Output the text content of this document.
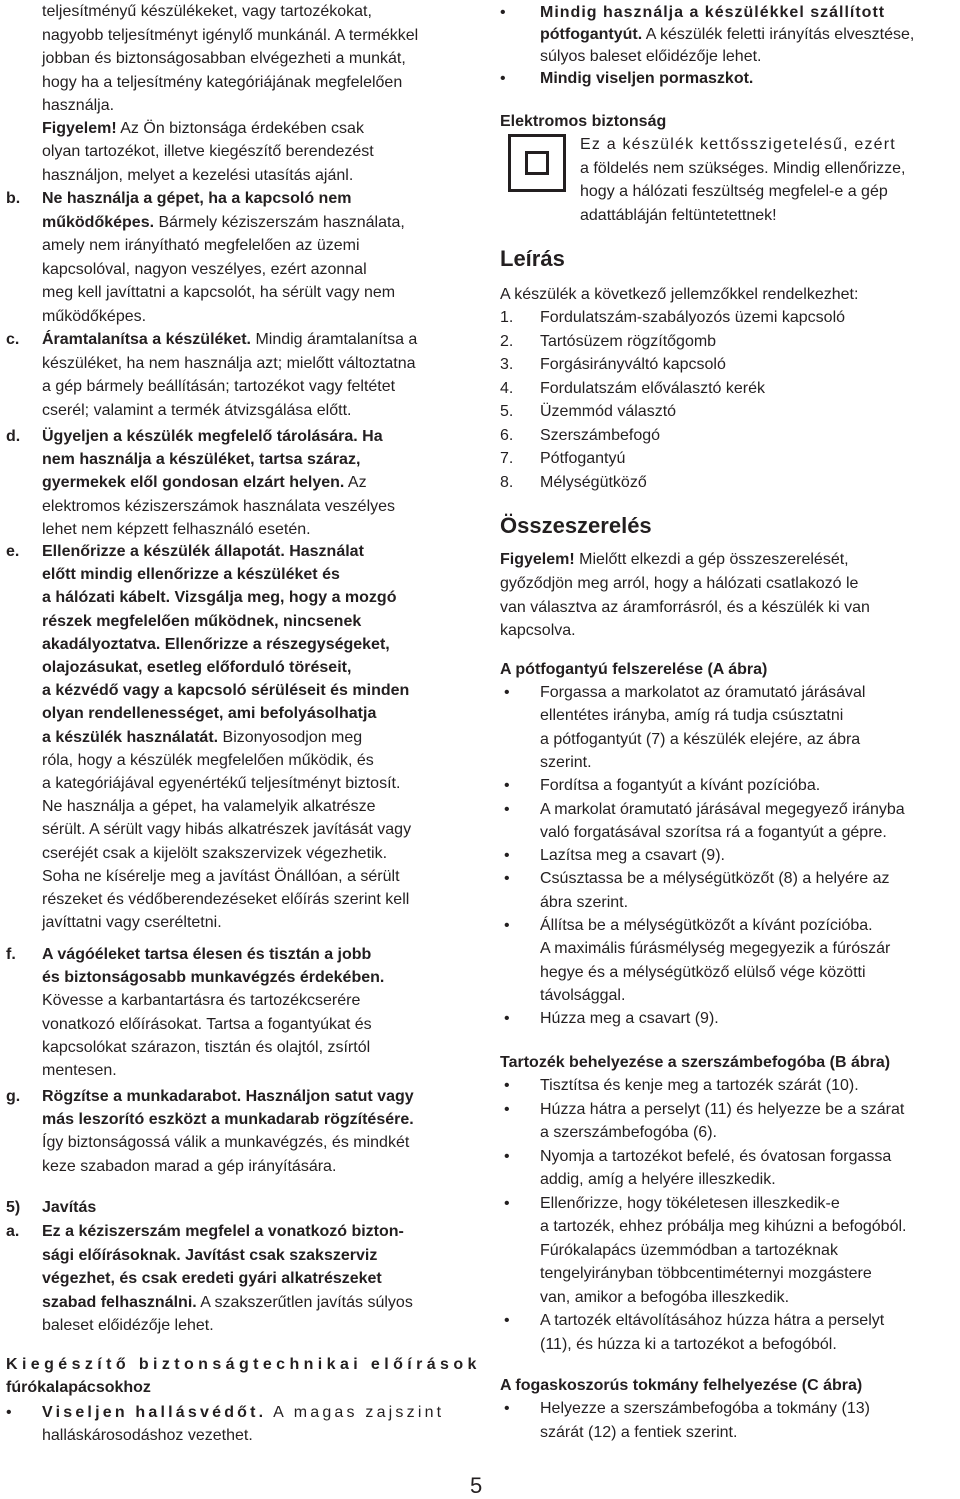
teljesítményű készülékeket, vagy tartozékokat,
nagyobb teljesítményt igénylő munkánál. A termékkel
jobban és biztonságosabban elvégezheti a munkát,
hogy ha a teljesítmény kategóriájának megfelelően
használja.
Figyelem! Az Ön biztonsága érdekében csak
olyan tartozékot, illetve kiegészítő berendezést
használjon, melyet a kezelési utasítás ajánl.
b. Ne használja a gépet, ha a kapcsoló nem
működőképes. Bármely kéziszerszám használata,
amely nem irányítható megfelelően az üzemi
kapcsolóval, nagyon veszélyes, ezért azonnal
meg kell javíttatni a kapcsolót, ha sérült vagy nem
működőképes.
c. Áramtalanítsa a készüléket. Mindig áramtalanítsa a
készüléket, ha nem használja azt; mielőtt változtatna
a gép bármely beállításán; tartozékot vagy feltétet
cserél; valamint a termék átvizsgálása előtt.
d. Ügyeljen a készülék megfelelő tárolására. Ha
nem használja a készüléket, tartsa száraz,
gyermekek elől gondosan elzárt helyen. Az
elektromos kéziszerszámok használata veszélyes
lehet nem képzett felhasználó esetén.
e. Ellenőrizze a készülék állapotát. Használat
előtt mindig ellenőrizze a készüléket és
a hálózati kábelt. Vizsgálja meg, hogy a mozgó
részek megfelelően működnek, nincsenek
akadályoztatva. Ellenőrizze a részegységeket,
olajozásukat, esetleg előforduló töréseit,
a kézvédő vagy a kapcsoló sérüléseit és minden
olyan rendellenességet, ami befolyásolhatja
a készülék használatát. Bizonyosodjon meg
róla, hogy a készülék megfelelően működik, és
a kategóriájával egyenértékű teljesítményt biztosít.
Ne használja a gépet, ha valamelyik alkatrésze
sérült. A sérült vagy hibás alkatrészek javítását vagy
cseréjét csak a kijelölt szakszervizek végezhetik.
Soha ne kísérelje meg a javítást Önállóan, a sérült
részeket és védőberendezéseket előírás szerint kell
javíttatni vagy cseréltetni.
f. A vágóéleket tartsa élesen és tisztán a jobb
és biztonságosabb munkavégzés érdekében.
Kövesse a karbantartásra és tartozékcserére
vonatkozó előírásokat. Tartsa a fogantyúkat és
kapcsolókat szárazon, tisztán és olajtól, zsírtól
mentesen.
g. Rögzítse a munkadarabot. Használjon satut vagy
más leszorító eszközt a munkadarab rögzítésére.
Így biztonságossá válik a munkavégzés, és mindkét
keze szabadon marad a gép irányítására.
5) Javítás
a. Ez a kéziszerszám megfelel a vonatkozó bizton-
sági előírásoknak. Javítást csak szakszerviz
végezhet, és csak eredeti gyári alkatrészeket
szabad felhasználni. A szakszerűtlen javítás súlyos
baleset előidézője lehet.
Kiegészítő biztonságtechnikai előírások
fúrókalapácsokhoz
• Viseljen hallásvédőt. A magas zajszint
halláskárosodáshoz vezethet.
• Mindig használja a készülékkel szállított
pótfogantyút. A készülék feletti irányítás elvesztése,
súlyos baleset előidézője lehet.
• Mindig viseljen pormaszkot.
Elektromos biztonság
Ez a készülék kettősszigetelésű, ezért
a földelés nem szükséges. Mindig ellenőrizze,
hogy a hálózati feszültség megfelel-e a gép
adattábláján feltüntetettnek!
Leírás
A készülék a következő jellemzőkkel rendelkezhet:
1. Fordulatszám-szabályozós üzemi kapcsoló
2. Tartósüzem rögzítőgomb
3. Forgásirányváltó kapcsoló
4. Fordulatszám előválasztó kerék
5. Üzemmód választó
6. Szerszámbefogó
7. Pótfogantyú
8. Mélységütköző
Összeszerelés
Figyelem! Mielőtt elkezdi a gép összeszerelését,
győződjön meg arról, hogy a hálózati csatlakozó le
van választva az áramforrásról, és a készülék ki van
kapcsolva.
A pótfogantyú felszerelése (A ábra)
• Forgassa a markolatot az óramutató járásával
ellentétes irányba, amíg rá tudja csúsztatni
a pótfogantyút (7) a készülék elejére, az ábra
szerint.
• Fordítsa a fogantyút a kívánt pozícióba.
• A markolat óramutató járásával megegyező irányba
való forgatásával szorítsa rá a fogantyút a gépre.
• Lazítsa meg a csavart (9).
• Csúsztassa be a mélységütközőt (8) a helyére az
ábra szerint.
• Állítsa be a mélységütközőt a kívánt pozícióba.
A maximális fúrásmélység megegyezik a fúrószár
hegye és a mélységütköző elülső vége közötti
távolsággal.
• Húzza meg a csavart (9).
Tartozék behelyezése a szerszámbefogóba (B ábra)
• Tisztítsa és kenje meg a tartozék szárát (10).
• Húzza hátra a perselyt (11) és helyezze be a szárat
a szerszámbefogóba (6).
• Nyomja a tartozékot befelé, és óvatosan forgassa
addig, amíg a helyére illeszkedik.
• Ellenőrizze, hogy tökéletesen illeszkedik-e
a tartozék, ehhez próbálja meg kihúzni a befogóból.
Fúrókalapács üzemmódban a tartozéknak
tengelyirányban többcentiméternyi mozgástere
van, amikor a befogóba illeszkedik.
• A tartozék eltávolításához húzza hátra a perselyt
(11), és húzza ki a tartozékot a befogóból.
A fogaskoszorús tokmány felhelyezése (C ábra)
• Helyezze a szerszámbefogóba a tokmány (13)
szárát (12) a fentiek szerint.
5
